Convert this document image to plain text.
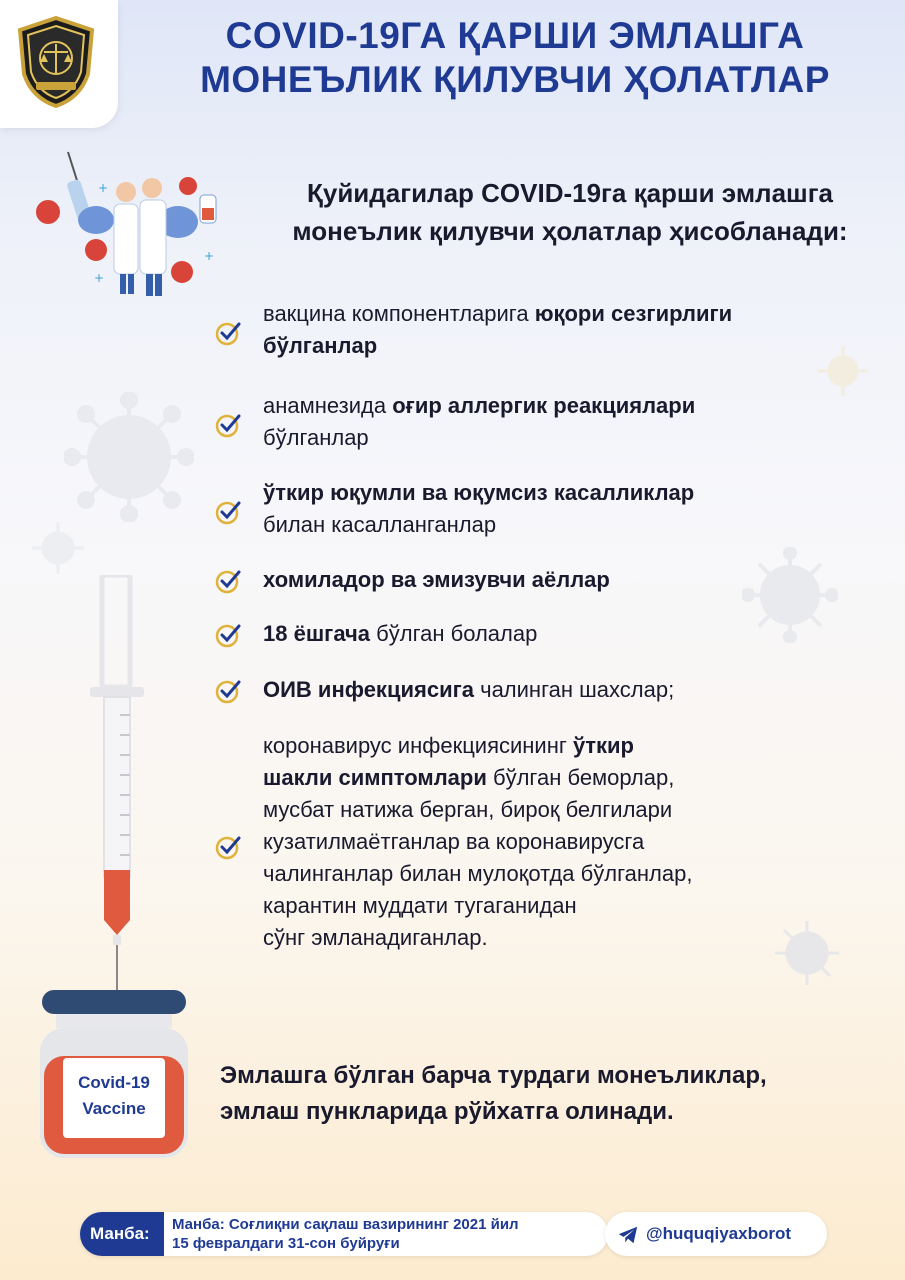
COVID-19ГА ҚАРШИ ЭМЛАШГА
МОНЕЪЛИК ҚИЛУВЧИ ҲОЛАТЛАР
+
+
+
Қуйидагилар COVID-19га қарши эмлашга
монеълик қилувчи ҳолатлар ҳисобланади:
вакцина компонентларига юқори сезгирлиги
бўлганлар
анамнезида оғир аллергик реакциялари
бўлганлар
ўткир юқумли ва юқумсиз касалликлар
билан касалланганлар
хомиладор ва эмизувчи аёллар
18 ёшгача бўлган болалар
ОИВ инфекциясига чалинган шахслар;
коронавирус инфекциясининг ўткир
шакли симптомлари бўлган беморлар,
мусбат натижа берган, бироқ белгилари
кузатилмаётганлар ва коронавирусга
чалинганлар билан мулоқотда бўлганлар,
карантин муддати тугаганидан
сўнг эмланадиганлар.
Covid-19
Vaccine
Эмлашга бўлган барча турдаги монеъликлар,
эмлаш пункларида рўйхатга олинади.
Манба:	Манба: Соғлиқни сақлаш вазирининг 2021 йил
15 февралдаги 31-сон буйруғи
@huquqiyaxborot
